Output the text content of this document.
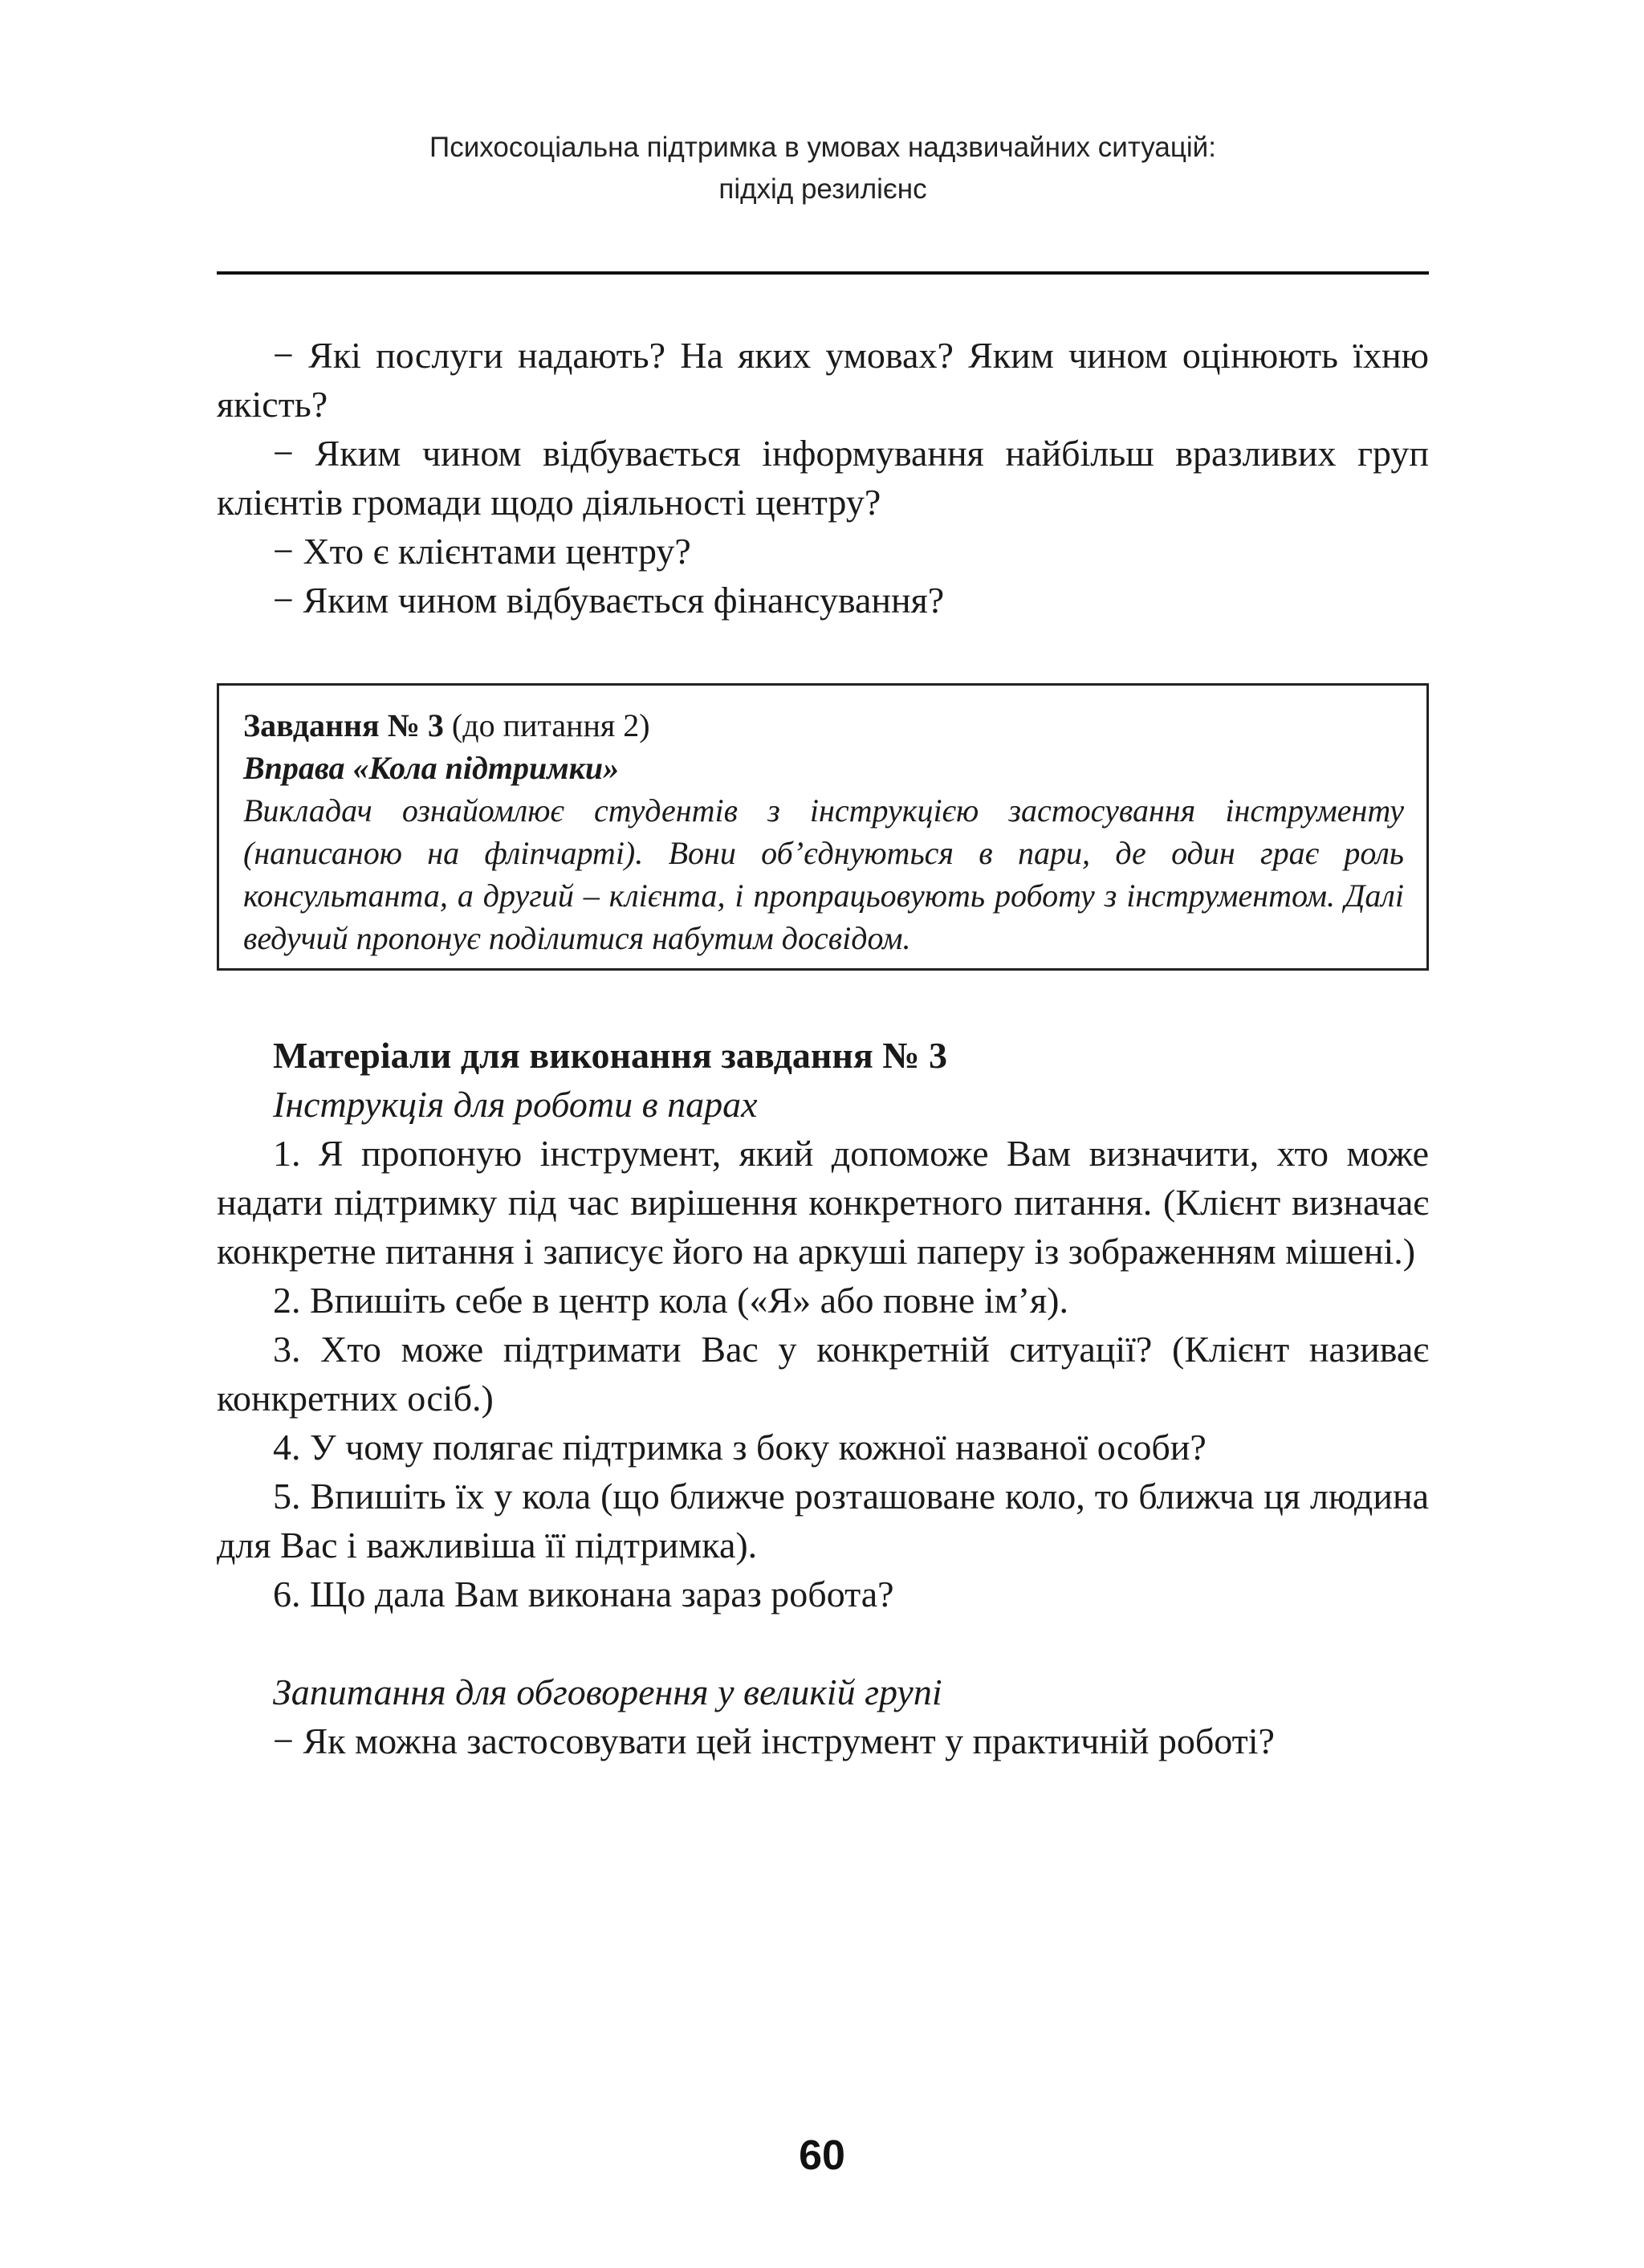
Психосоціальна підтримка в умовах надзвичайних ситуацій:
підхід резилієнс

− Які послуги надають? На яких умовах? Яким чином оцінюють їхню якість?

− Яким чином відбувається інформування найбільш вразливих груп клієнтів громади щодо діяльності центру?

− Хто є клієнтами центру?

− Яким чином відбувається фінансування?

Завдання № 3 (до питання 2)

Вправа «Кола підтримки»

Викладач ознайомлює студентів з інструкцією застосування інструменту (написаною на фліпчарті). Вони об’єднуються в пари, де один грає роль консультанта, а другий – клієнта, і пропрацьовують роботу з інструментом. Далі ведучий пропонує поділитися набутим досвідом.

Матеріали для виконання завдання № 3

Інструкція для роботи в парах

1. Я пропоную інструмент, який допоможе Вам визначити, хто може надати підтримку під час вирішення конкретного питання. (Клієнт визначає конкретне питання і записує його на аркуші паперу із зображенням мішені.)

2. Впишіть себе в центр кола («Я» або повне ім’я).

3. Хто може підтримати Вас у конкретній ситуації? (Клієнт називає конкретних осіб.)

4. У чому полягає підтримка з боку кожної названої особи?

5. Впишіть їх у кола (що ближче розташоване коло, то ближча ця людина для Вас і важливіша її підтримка).

6. Що дала Вам виконана зараз робота?

Запитання для обговорення у великій групі

− Як можна застосовувати цей інструмент у практичній роботі?

60
